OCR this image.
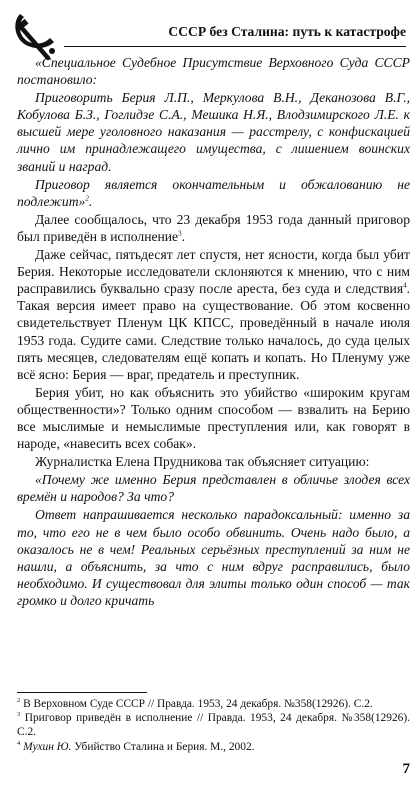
СССР без Сталина: путь к катастрофе

«Специальное Судебное Присутствие Верховного Суда СССР постановило:

Приговорить Берия Л.П., Меркулова В.Н., Деканозова В.Г., Кобулова Б.З., Гоглидзе С.А., Мешика Н.Я., Влодзимирского Л.Е. к высшей мере уголовного наказания — расстрелу, с конфискацией лично им принадлежащего имущества, с лишением воинских званий и наград.

Приговор является окончательным и обжалованию не подлежит»$^2$.

Далее сообщалось, что 23 декабря 1953 года данный приговор был приведён в исполнение$^3$.

Даже сейчас, пятьдесят лет спустя, нет ясности, когда был убит Берия. Некоторые исследователи склоняются к мнению, что с ним расправились буквально сразу после ареста, без суда и следствия$^4$. Такая версия имеет право на существование. Об этом косвенно свидетельствует Пленум ЦК КПСС, проведённый в начале июля 1953 года. Судите сами. Следствие только началось, до суда целых пять месяцев, следователям ещё копать и копать. Но Пленуму уже всё ясно: Берия — враг, предатель и преступник.

Берия убит, но как объяснить это убийство «широким кругам общественности»? Только одним способом — взвалить на Берию все мыслимые и немыслимые преступления или, как говорят в народе, «навесить всех собак».

Журналистка Елена Прудникова так объясняет ситуацию:

«Почему же именно Берия представлен в обличье злодея всех времён и народов? За что?

Ответ напрашивается несколько парадоксальный: именно за то, что его не в чем было особо обвинить. Очень надо было, а оказалось не в чем! Реальных серьёзных преступлений за ним не нашли, а объяснить, за что с ним вдруг расправились, было необходимо. И существовал для элиты только один способ — так громко и долго кричать

$^2$ В Верховном Суде СССР // Правда. 1953, 24 декабря. №358(12926). С.2.

$^3$ Приговор приведён в исполнение // Правда. 1953, 24 декабря. №358(12926). С.2.

$^4$ Мухин Ю. Убийство Сталина и Берия. М., 2002.

7
